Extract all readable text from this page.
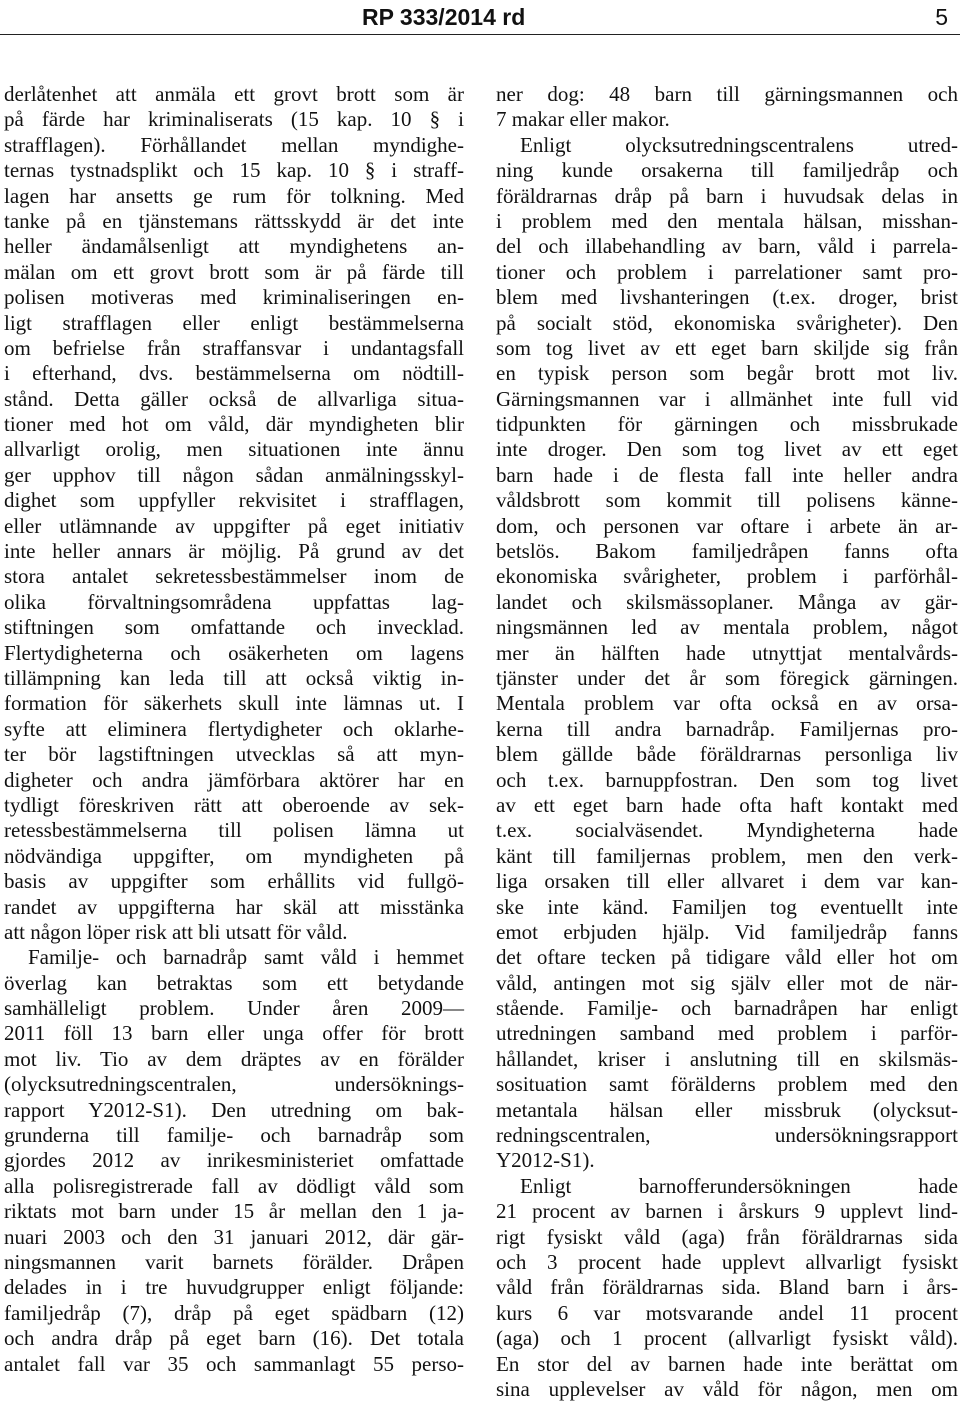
RP 333/2014 rd	5
derlåtenhet att anmäla ett grovt brott som är
på färde har kriminaliserats (15 kap. 10 § i
strafflagen). Förhållandet mellan myndighe-
ternas tystnadsplikt och 15 kap. 10 § i straff-
lagen har ansetts ge rum för tolkning. Med
tanke på en tjänstemans rättsskydd är det inte
heller ändamålsenligt att myndighetens an-
mälan om ett grovt brott som är på färde till
polisen motiveras med kriminaliseringen en-
ligt strafflagen eller enligt bestämmelserna
om befrielse från straffansvar i undantagsfall
i efterhand, dvs. bestämmelserna om nödtill-
stånd. Detta gäller också de allvarliga situa-
tioner med hot om våld, där myndigheten blir
allvarligt orolig, men situationen inte ännu
ger upphov till någon sådan anmälningsskyl-
dighet som uppfyller rekvisitet i strafflagen,
eller utlämnande av uppgifter på eget initiativ
inte heller annars är möjlig. På grund av det
stora antalet sekretessbestämmelser inom de
olika förvaltningsområdena uppfattas lag-
stiftningen som omfattande och invecklad.
Flertydigheterna och osäkerheten om lagens
tillämpning kan leda till att också viktig in-
formation för säkerhets skull inte lämnas ut. I
syfte att eliminera flertydigheter och oklarhe-
ter bör lagstiftningen utvecklas så att myn-
digheter och andra jämförbara aktörer har en
tydligt föreskriven rätt att oberoende av sek-
retessbestämmelserna till polisen lämna ut
nödvändiga uppgifter, om myndigheten på
basis av uppgifter som erhållits vid fullgö-
randet av uppgifterna har skäl att misstänka
att någon löper risk att bli utsatt för våld.
Familje- och barnadråp samt våld i hemmet
överlag kan betraktas som ett betydande
samhälleligt problem. Under åren 2009—
2011 föll 13 barn eller unga offer för brott
mot liv. Tio av dem dräptes av en förälder
(olycksutredningscentralen, undersöknings-
rapport Y2012-S1). Den utredning om bak-
grunderna till familje- och barnadråp som
gjordes 2012 av inrikesministeriet omfattade
alla polisregistrerade fall av dödligt våld som
riktats mot barn under 15 år mellan den 1 ja-
nuari 2003 och den 31 januari 2012, där gär-
ningsmannen varit barnets förälder. Dråpen
delades in i tre huvudgrupper enligt följande:
familjedråp (7), dråp på eget spädbarn (12)
och andra dråp på eget barn (16). Det totala
antalet fall var 35 och sammanlagt 55 perso-
ner dog: 48 barn till gärningsmannen och
7 makar eller makor.
Enligt olycksutredningscentralens utred-
ning kunde orsakerna till familjedråp och
föräldrarnas dråp på barn i huvudsak delas in
i problem med den mentala hälsan, misshan-
del och illabehandling av barn, våld i parrela-
tioner och problem i parrelationer samt pro-
blem med livshanteringen (t.ex. droger, brist
på socialt stöd, ekonomiska svårigheter). Den
som tog livet av ett eget barn skiljde sig från
en typisk person som begår brott mot liv.
Gärningsmannen var i allmänhet inte full vid
tidpunkten för gärningen och missbrukade
inte droger. Den som tog livet av ett eget
barn hade i de flesta fall inte heller andra
våldsbrott som kommit till polisens känne-
dom, och personen var oftare i arbete än ar-
betslös. Bakom familjedråpen fanns ofta
ekonomiska svårigheter, problem i parförhål-
landet och skilsmässoplaner. Många av gär-
ningsmännen led av mentala problem, något
mer än hälften hade utnyttjat mentalvårds-
tjänster under det år som föregick gärningen.
Mentala problem var ofta också en av orsa-
kerna till andra barnadråp. Familjernas pro-
blem gällde både föräldrarnas personliga liv
och t.ex. barnuppfostran. Den som tog livet
av ett eget barn hade ofta haft kontakt med
t.ex. socialväsendet. Myndigheterna hade
känt till familjernas problem, men den verk-
liga orsaken till eller allvaret i dem var kan-
ske inte känd. Familjen tog eventuellt inte
emot erbjuden hjälp. Vid familjedråp fanns
det oftare tecken på tidigare våld eller hot om
våld, antingen mot sig själv eller mot de när-
stående. Familje- och barnadråpen har enligt
utredningen samband med problem i parför-
hållandet, kriser i anslutning till en skilsmäs-
sosituation samt förälderns problem med den
metantala hälsan eller missbruk (olycksut-
redningscentralen, undersökningsrapport
Y2012-S1).
Enligt barnofferundersökningen hade
21 procent av barnen i årskurs 9 upplevt lind-
rigt fysiskt våld (aga) från föräldrarnas sida
och 3 procent hade upplevt allvarligt fysiskt
våld från föräldrarnas sida. Bland barn i års-
kurs 6 var motsvarande andel 11 procent
(aga) och 1 procent (allvarligt fysiskt våld).
En stor del av barnen hade inte berättat om
sina upplevelser av våld för någon, men om
